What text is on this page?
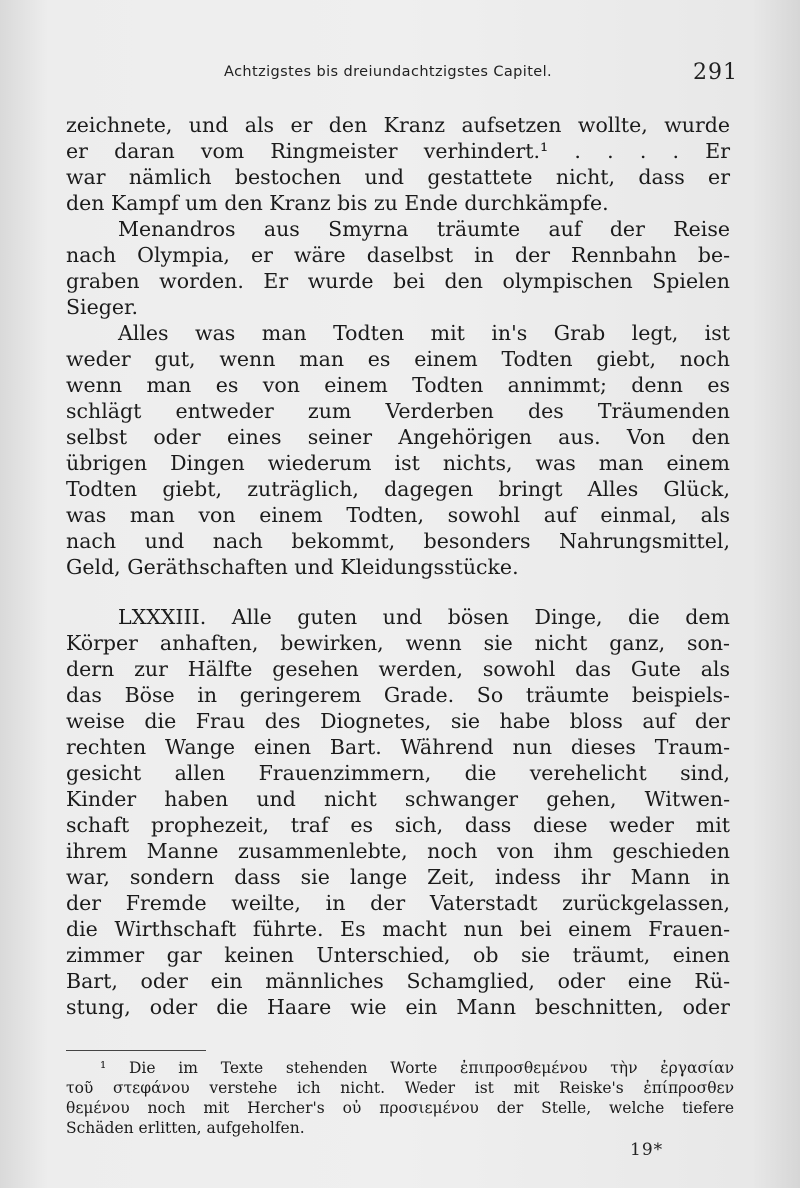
Achtzigstes bis dreiundachtzigstes Capitel.	291
zeichnete, und als er den Kranz aufsetzen wollte, wurde
er daran vom Ringmeister verhindert.¹ . . . . Er
war nämlich bestochen und gestattete nicht, dass er
den Kampf um den Kranz bis zu Ende durchkämpfe.
Menandros aus Smyrna träumte auf der Reise
nach Olympia, er wäre daselbst in der Rennbahn be-
graben worden. Er wurde bei den olympischen Spielen
Sieger.
Alles was man Todten mit in's Grab legt, ist
weder gut, wenn man es einem Todten giebt, noch
wenn man es von einem Todten annimmt; denn es
schlägt entweder zum Verderben des Träumenden
selbst oder eines seiner Angehörigen aus. Von den
übrigen Dingen wiederum ist nichts, was man einem
Todten giebt, zuträglich, dagegen bringt Alles Glück,
was man von einem Todten, sowohl auf einmal, als
nach und nach bekommt, besonders Nahrungsmittel,
Geld, Geräthschaften und Kleidungsstücke.
LXXXIII. Alle guten und bösen Dinge, die dem
Körper anhaften, bewirken, wenn sie nicht ganz, son-
dern zur Hälfte gesehen werden, sowohl das Gute als
das Böse in geringerem Grade. So träumte beispiels-
weise die Frau des Diognetes, sie habe bloss auf der
rechten Wange einen Bart. Während nun dieses Traum-
gesicht allen Frauenzimmern, die verehelicht sind,
Kinder haben und nicht schwanger gehen, Witwen-
schaft prophezeit, traf es sich, dass diese weder mit
ihrem Manne zusammenlebte, noch von ihm geschieden
war, sondern dass sie lange Zeit, indess ihr Mann in
der Fremde weilte, in der Vaterstadt zurückgelassen,
die Wirthschaft führte. Es macht nun bei einem Frauen-
zimmer gar keinen Unterschied, ob sie träumt, einen
Bart, oder ein männliches Schamglied, oder eine Rü-
stung, oder die Haare wie ein Mann beschnitten, oder
¹ Die im Texte stehenden Worte ἐπιπροσθεμένου τὴν ἐργασίαν
τοῦ στεφάνου verstehe ich nicht. Weder ist mit Reiske's ἐπίπροσθεν
θεμένου noch mit Hercher's οὐ προσιεμένου der Stelle, welche tiefere
Schäden erlitten, aufgeholfen.
19*
